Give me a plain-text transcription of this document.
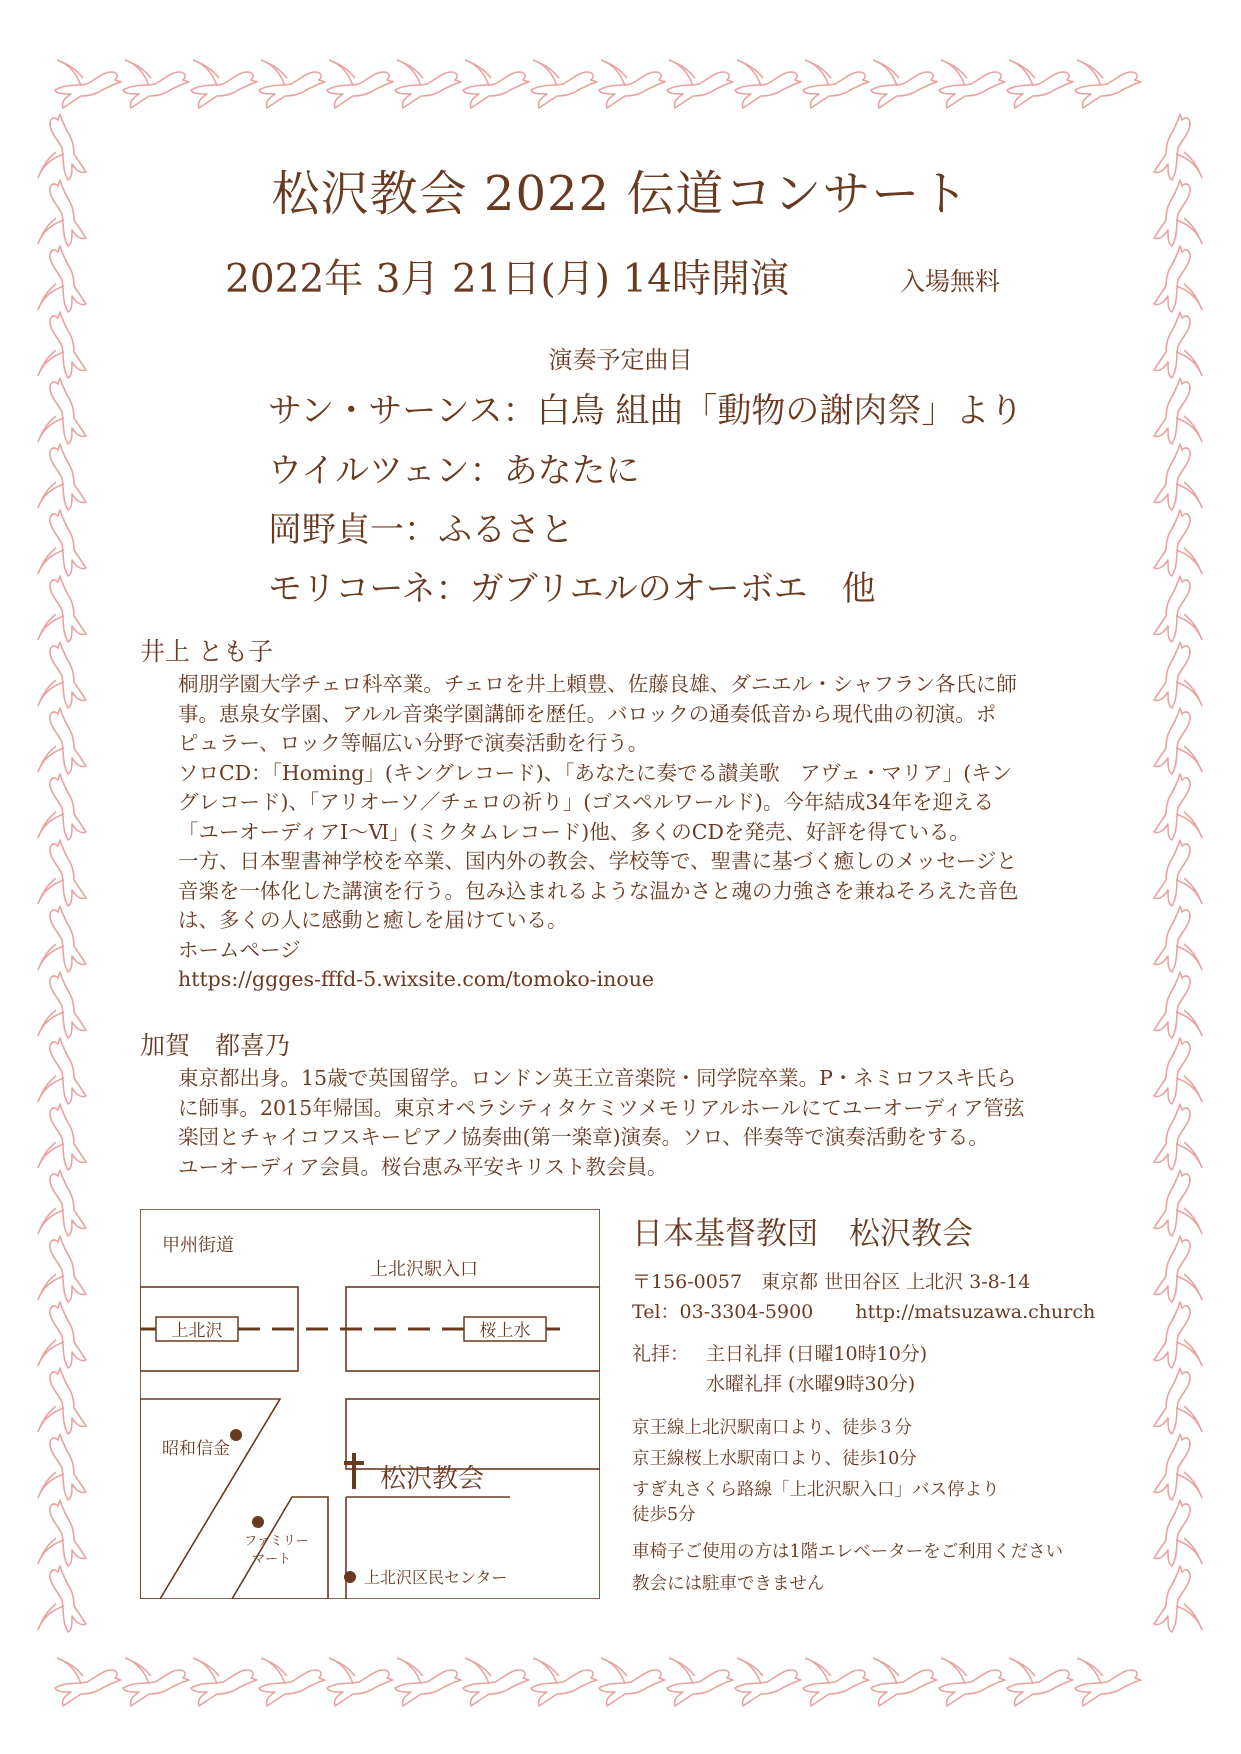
松沢教会 2022 伝道コンサート
2022年 3月 21日(月) 14時開演	入場無料
演奏予定曲目
サン・サーンス：白鳥 組曲「動物の謝肉祭」より
ウイルツェン：あなたに
岡野貞一：ふるさと
モリコーネ：ガブリエルのオーボエ　他
井上 とも子

桐朋学園大学チェロ科卒業。チェロを井上頼豊、佐藤良雄、ダニエル・シャフラン各氏に師

事。恵泉女学園、アルル音楽学園講師を歴任。バロックの通奏低音から現代曲の初演。ポ

ピュラー、ロック等幅広い分野で演奏活動を行う。

ソロCD：「Homing」(キングレコード)、「あなたに奏でる讃美歌　アヴェ・マリア」(キン

グレコード)、「アリオーソ／チェロの祈り」(ゴスペルワールド)。今年結成34年を迎える

「ユーオーディアⅠ〜Ⅵ」(ミクタムレコード)他、多くのCDを発売、好評を得ている。

一方、日本聖書神学校を卒業、国内外の教会、学校等で、聖書に基づく癒しのメッセージと

音楽を一体化した講演を行う。包み込まれるような温かさと魂の力強さを兼ねそろえた音色

は、多くの人に感動と癒しを届けている。

ホームページ

https://ggges-fffd-5.wixsite.com/tomoko-inoue

加賀　都喜乃

東京都出身。15歳で英国留学。ロンドン英王立音楽院・同学院卒業。P・ネミロフスキ氏ら

に師事。2015年帰国。東京オペラシティタケミツメモリアルホールにてユーオーディア管弦

楽団とチャイコフスキーピアノ協奏曲(第一楽章)演奏。ソロ、伴奏等で演奏活動をする。

ユーオーディア会員。桜台恵み平安キリスト教会員。

甲州街道
上北沢駅入口
上北沢	桜上水
昭和信金
ファミリー
マート
松沢教会
上北沢区民センター
日本基督教団　松沢教会
〒156-0057　東京都 世田谷区 上北沢 3-8-14
Tel：03-3304-5900 http://matsuzawa.church
礼拝： 主日礼拝 (日曜10時10分)
水曜礼拝 (水曜9時30分)
京王線上北沢駅南口より、徒歩３分
京王線桜上水駅南口より、徒歩10分
すぎ丸さくら路線「上北沢駅入口」バス停より
徒歩5分
車椅子ご使用の方は1階エレベーターをご利用ください
教会には駐車できません
